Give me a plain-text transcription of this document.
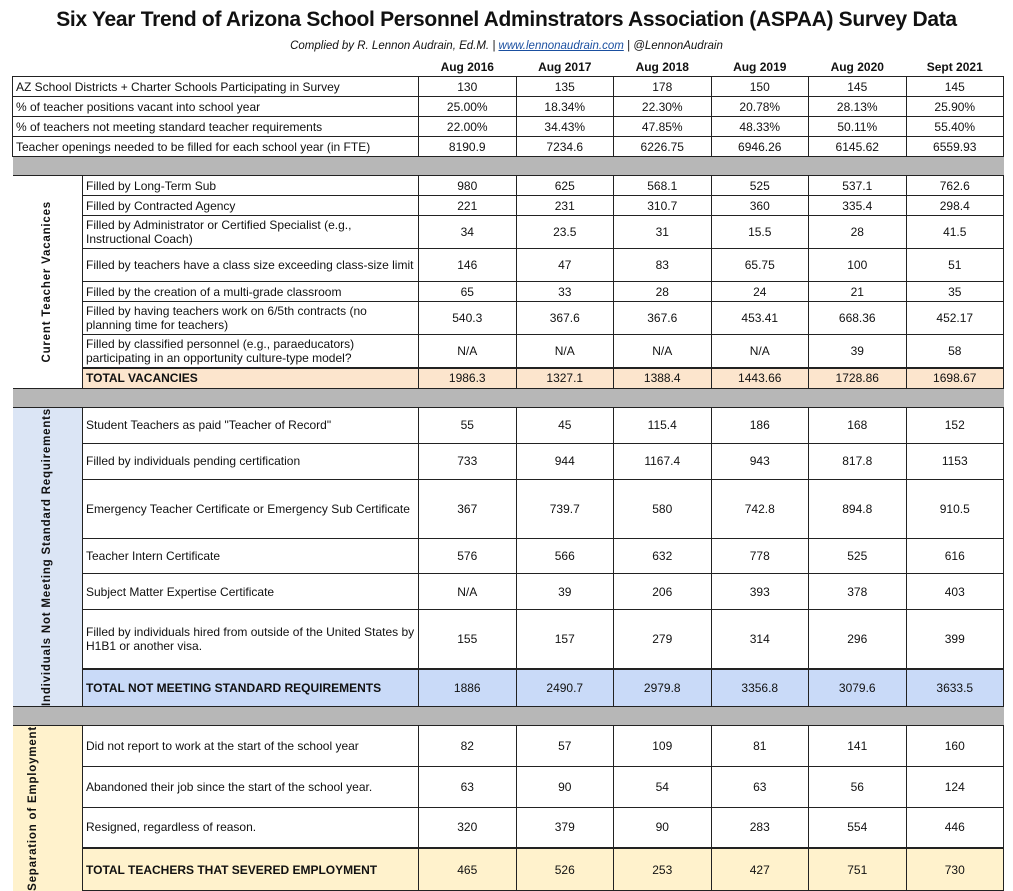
Six Year Trend of Arizona School Personnel Adminstrators Association (ASPAA) Survey Data
Complied by R. Lennon Audrain, Ed.M. | www.lennonaudrain.com | @LennonAudrain
		Aug 2016	Aug 2017	Aug 2018	Aug 2019	Aug 2020	Sept 2021
AZ School Districts + Charter Schools Participating in Survey		130	135	178	150	145	145
% of teacher positions vacant into school year		25.00%	18.34%	22.30%	20.78%	28.13%	25.90%
% of teachers not meeting standard teacher requirements		22.00%	34.43%	47.85%	48.33%	50.11%	55.40%
Teacher openings needed to be filled for each school year (in FTE)		8190.9	7234.6	6226.75	6946.26	6145.62	6559.93

Curent Teacher Vacanices	Filled by Long-Term Sub	980	625	568.1	525	537.1	762.6
	Filled by Contracted Agency	221	231	310.7	360	335.4	298.4
	Filled by Administrator or Certified Specialist (e.g., Instructional Coach)	34	23.5	31	15.5	28	41.5
	Filled by teachers have a class size exceeding class-size limit	146	47	83	65.75	100	51
	Filled by the creation of a multi-grade classroom	65	33	28	24	21	35
	Filled by having teachers work on 6/5th contracts (no planning time for teachers)	540.3	367.6	367.6	453.41	668.36	452.17
	Filled by classified personnel (e.g., paraeducators) participating in an opportunity culture-type model?	N/A	N/A	N/A	N/A	39	58
	TOTAL VACANCIES	1986.3	1327.1	1388.4	1443.66	1728.86	1698.67

Individuals Not Meeting Standard Requirements	Student Teachers as paid "Teacher of Record"	55	45	115.4	186	168	152
	Filled by individuals pending certification	733	944	1167.4	943	817.8	1153
	Emergency Teacher Certificate or Emergency Sub Certificate	367	739.7	580	742.8	894.8	910.5
	Teacher Intern Certificate	576	566	632	778	525	616
	Subject Matter Expertise Certificate	N/A	39	206	393	378	403
	Filled by individuals hired from outside of the United States by H1B1 or another visa.	155	157	279	314	296	399
	TOTAL NOT MEETING STANDARD REQUIREMENTS	1886	2490.7	2979.8	3356.8	3079.6	3633.5

Separation of Employment	Did not report to work at the start of the school year	82	57	109	81	141	160
	Abandoned their job since the start of the school year.	63	90	54	63	56	124
	Resigned, regardless of reason.	320	379	90	283	554	446
	TOTAL TEACHERS THAT SEVERED EMPLOYMENT	465	526	253	427	751	730
